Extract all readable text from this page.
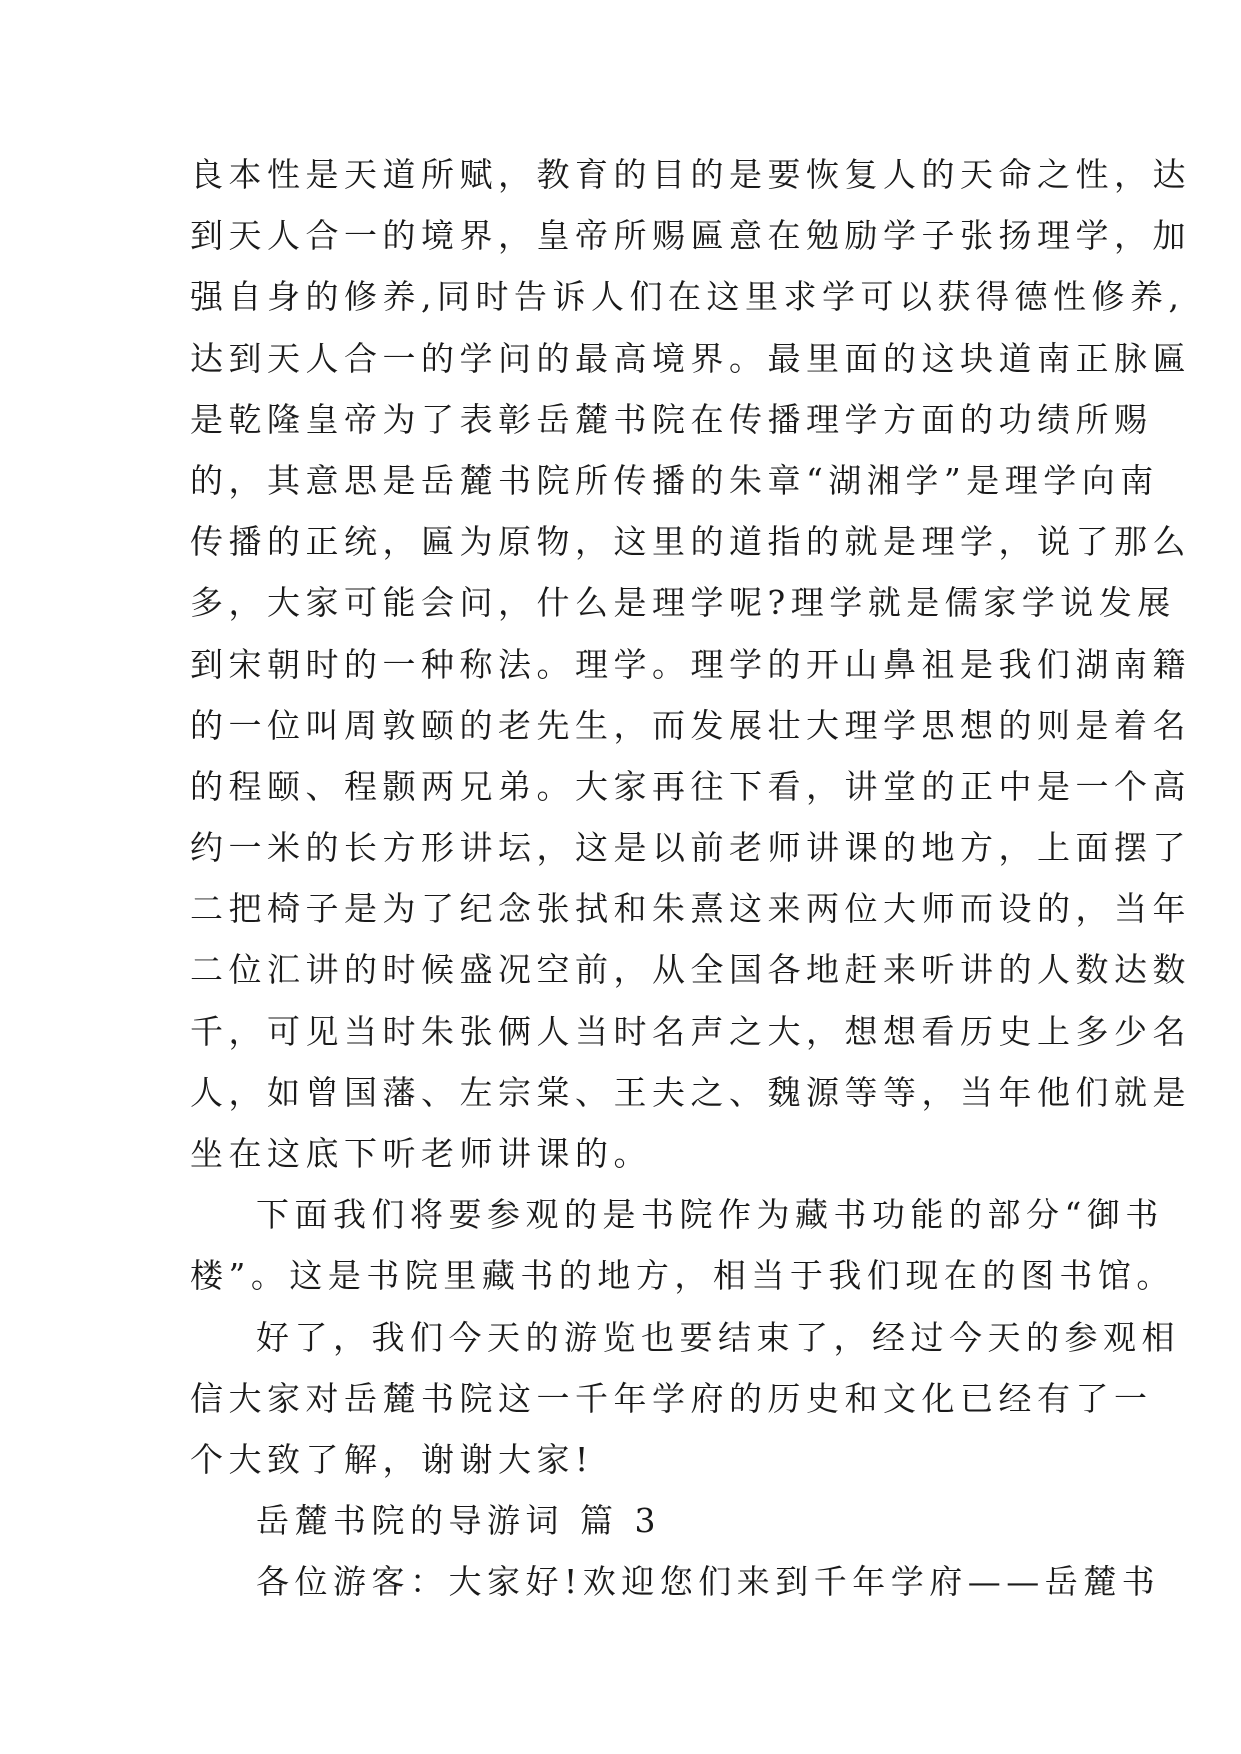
良本性是天道所赋，教育的目的是要恢复人的天命之性，达
到天人合一的境界，皇帝所赐匾意在勉励学子张扬理学，加
强自身的修养,同时告诉人们在这里求学可以获得德性修养,
达到天人合一的学问的最高境界。最里面的这块道南正脉匾
是乾隆皇帝为了表彰岳麓书院在传播理学方面的功绩所赐
的，其意思是岳麓书院所传播的朱章“湖湘学”是理学向南
传播的正统，匾为原物，这里的道指的就是理学，说了那么
多，大家可能会问，什么是理学呢?理学就是儒家学说发展
到宋朝时的一种称法。理学。理学的开山鼻祖是我们湖南籍
的一位叫周敦颐的老先生，而发展壮大理学思想的则是着名
的程颐、程颢两兄弟。大家再往下看，讲堂的正中是一个高
约一米的长方形讲坛，这是以前老师讲课的地方，上面摆了
二把椅子是为了纪念张拭和朱熹这来两位大师而设的，当年
二位汇讲的时候盛况空前，从全国各地赶来听讲的人数达数
千，可见当时朱张俩人当时名声之大，想想看历史上多少名
人，如曾国藩、左宗棠、王夫之、魏源等等，当年他们就是
坐在这底下听老师讲课的。
下面我们将要参观的是书院作为藏书功能的部分“御书
楼”。这是书院里藏书的地方，相当于我们现在的图书馆。
好了，我们今天的游览也要结束了，经过今天的参观相
信大家对岳麓书院这一千年学府的历史和文化已经有了一
个大致了解，谢谢大家!
岳麓书院的导游词 篇 3
各位游客：大家好!欢迎您们来到千年学府——岳麓书
